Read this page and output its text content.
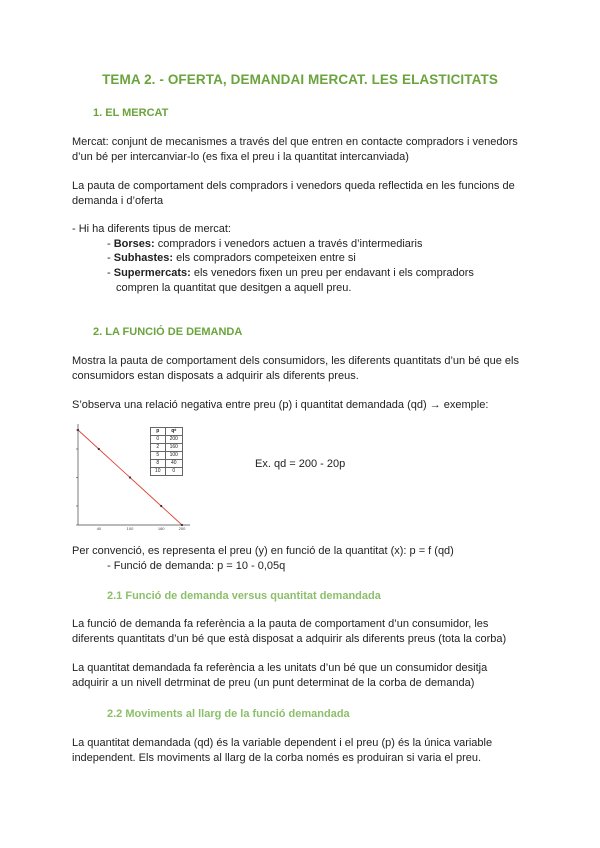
TEMA 2. - OFERTA, DEMANDAI MERCAT. LES ELASTICITATS
1. EL MERCAT
Mercat: conjunt de mecanismes a través del que entren en contacte compradors i venedors
d’un bé per intercanviar-lo (es fixa el preu i la quantitat intercanviada)
La pauta de comportament dels compradors i venedors queda reflectida en les funcions de
demanda i d’oferta
- Hi ha diferents tipus de mercat:
- Borses: compradors i venedors actuen a través d’intermediaris
- Subhastes: els compradors competeixen entre si
- Supermercats: els venedors fixen un preu per endavant i els compradors
compren la quantitat que desitgen a aquell preu.
2. LA FUNCIÓ DE DEMANDA
Mostra la pauta de comportament dels consumidors, les diferents quantitats d’un bé que els
consumidors estan disposats a adquirir als diferents preus.
S’observa una relació negativa entre preu (p) i quantitat demandada (qd) → exemple:
40	100	160	200
p	qᵈ
0	200
2	160
5	100
8	40
10	0
Ex. qd = 200 - 20p
Per convenció, es representa el preu (y) en funció de la quantitat (x): p = f (qd)
- Funció de demanda: p = 10 - 0,05q
2.1 Funció de demanda versus quantitat demandada
La funció de demanda fa referència a la pauta de comportament d’un consumidor, les
diferents quantitats d’un bé que està disposat a adquirir als diferents preus (tota la corba)
La quantitat demandada fa referència a les unitats d’un bé que un consumidor desitja
adquirir a un nivell detrminat de preu (un punt determinat de la corba de demanda)
2.2 Moviments al llarg de la funció demandada
La quantitat demandada (qd) és la variable dependent i el preu (p) és la única variable
independent. Els moviments al llarg de la corba només es produiran si varia el preu.
